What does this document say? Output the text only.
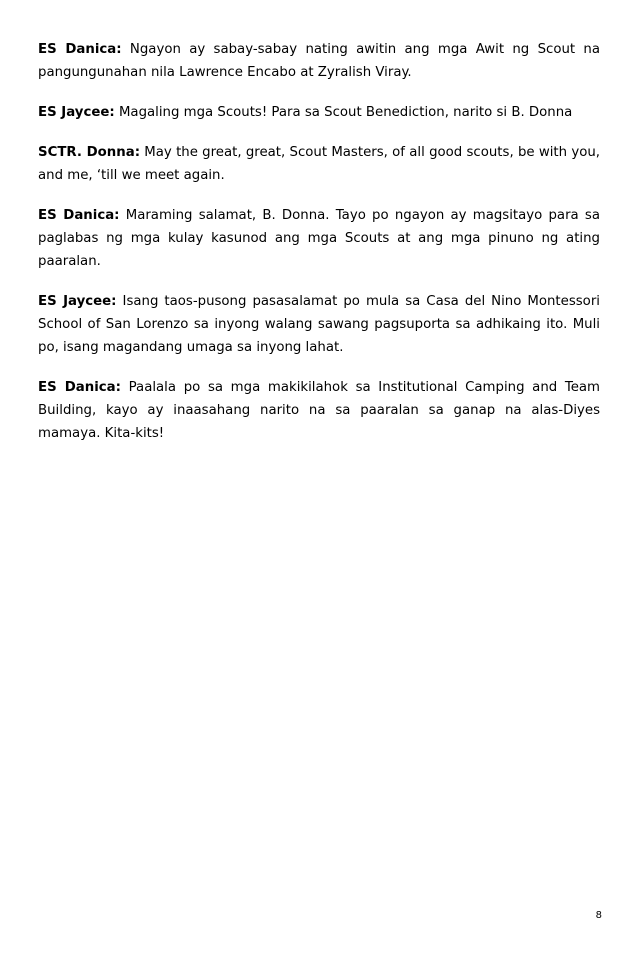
ES Danica: Ngayon ay sabay-sabay nating awitin ang mga Awit ng Scout na pangungunahan nila Lawrence Encabo at Zyralish Viray.

ES Jaycee: Magaling mga Scouts! Para sa Scout Benediction, narito si B. Donna

SCTR. Donna: May the great, great, Scout Masters, of all good scouts, be with you, and me, ‘till we meet again.

ES Danica: Maraming salamat, B. Donna. Tayo po ngayon ay magsitayo para sa paglabas ng mga kulay kasunod ang mga Scouts at ang mga pinuno ng ating paaralan.

ES Jaycee: Isang taos-pusong pasasalamat po mula sa Casa del Nino Montessori School of San Lorenzo sa inyong walang sawang pagsuporta sa adhikaing ito. Muli po, isang magandang umaga sa inyong lahat.

ES Danica: Paalala po sa mga makikilahok sa Institutional Camping and Team Building, kayo ay inaasahang narito na sa paaralan sa ganap na alas-Diyes mamaya. Kita-kits!

8
